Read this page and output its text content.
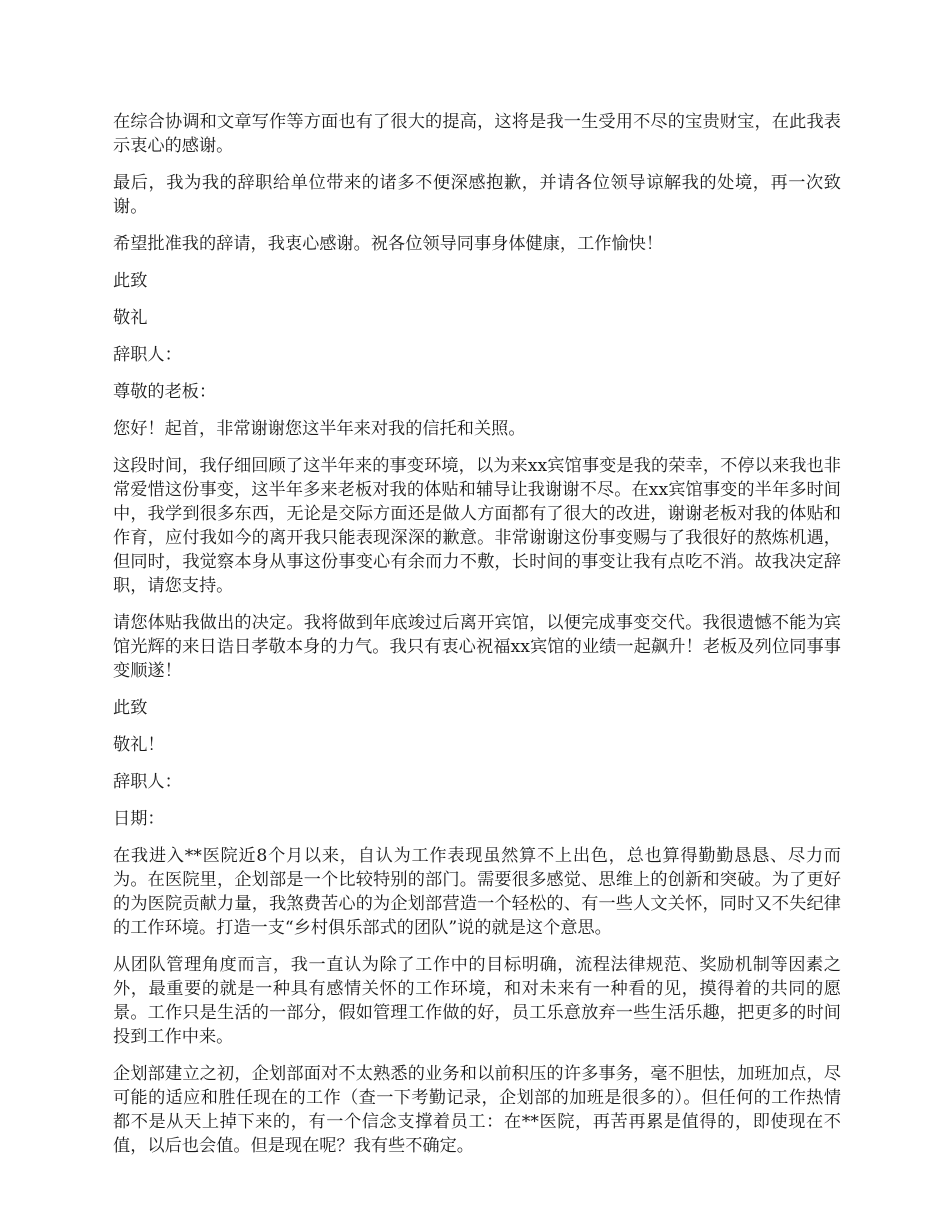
在综合协调和文章写作等方面也有了很大的提高，这将是我一生受用不尽的宝贵财宝，在此我表示衷心的感谢。

最后，我为我的辞职给单位带来的诸多不便深感抱歉，并请各位领导谅解我的处境，再一次致谢。

希望批准我的辞请，我衷心感谢。祝各位领导同事身体健康，工作愉快！

此致

敬礼

辞职人：

尊敬的老板：

您好！起首，非常谢谢您这半年来对我的信托和关照。

这段时间，我仔细回顾了这半年来的事变环境，以为来xx宾馆事变是我的荣幸，不停以来我也非常爱惜这份事变，这半年多来老板对我的体贴和辅导让我谢谢不尽。在xx宾馆事变的半年多时间中，我学到很多东西，无论是交际方面还是做人方面都有了很大的改进，谢谢老板对我的体贴和作育，应付我如今的离开我只能表现深深的歉意。非常谢谢这份事变赐与了我很好的熬炼机遇，但同时，我觉察本身从事这份事变心有余而力不敷，长时间的事变让我有点吃不消。故我决定辞职，请您支持。

请您体贴我做出的决定。我将做到年底竣过后离开宾馆，以便完成事变交代。我很遗憾不能为宾馆光辉的来日诰日孝敬本身的力气。我只有衷心祝福xx宾馆的业绩一起飙升！老板及列位同事事变顺遂！

此致

敬礼！

辞职人：

日期：

在我进入**医院近8个月以来，自认为工作表现虽然算不上出色，总也算得勤勤恳恳、尽力而为。在医院里，企划部是一个比较特别的部门。需要很多感觉、思维上的创新和突破。为了更好的为医院贡献力量，我煞费苦心的为企划部营造一个轻松的、有一些人文关怀，同时又不失纪律的工作环境。打造一支“乡村俱乐部式的团队”说的就是这个意思。

从团队管理角度而言，我一直认为除了工作中的目标明确，流程法律规范、奖励机制等因素之外，最重要的就是一种具有感情关怀的工作环境，和对未来有一种看的见，摸得着的共同的愿景。工作只是生活的一部分，假如管理工作做的好，员工乐意放弃一些生活乐趣，把更多的时间投到工作中来。

企划部建立之初，企划部面对不太熟悉的业务和以前积压的许多事务，毫不胆怯，加班加点，尽可能的适应和胜任现在的工作（查一下考勤记录，企划部的加班是很多的）。但任何的工作热情都不是从天上掉下来的，有一个信念支撑着员工：在**医院，再苦再累是值得的，即使现在不值，以后也会值。但是现在呢？我有些不确定。
